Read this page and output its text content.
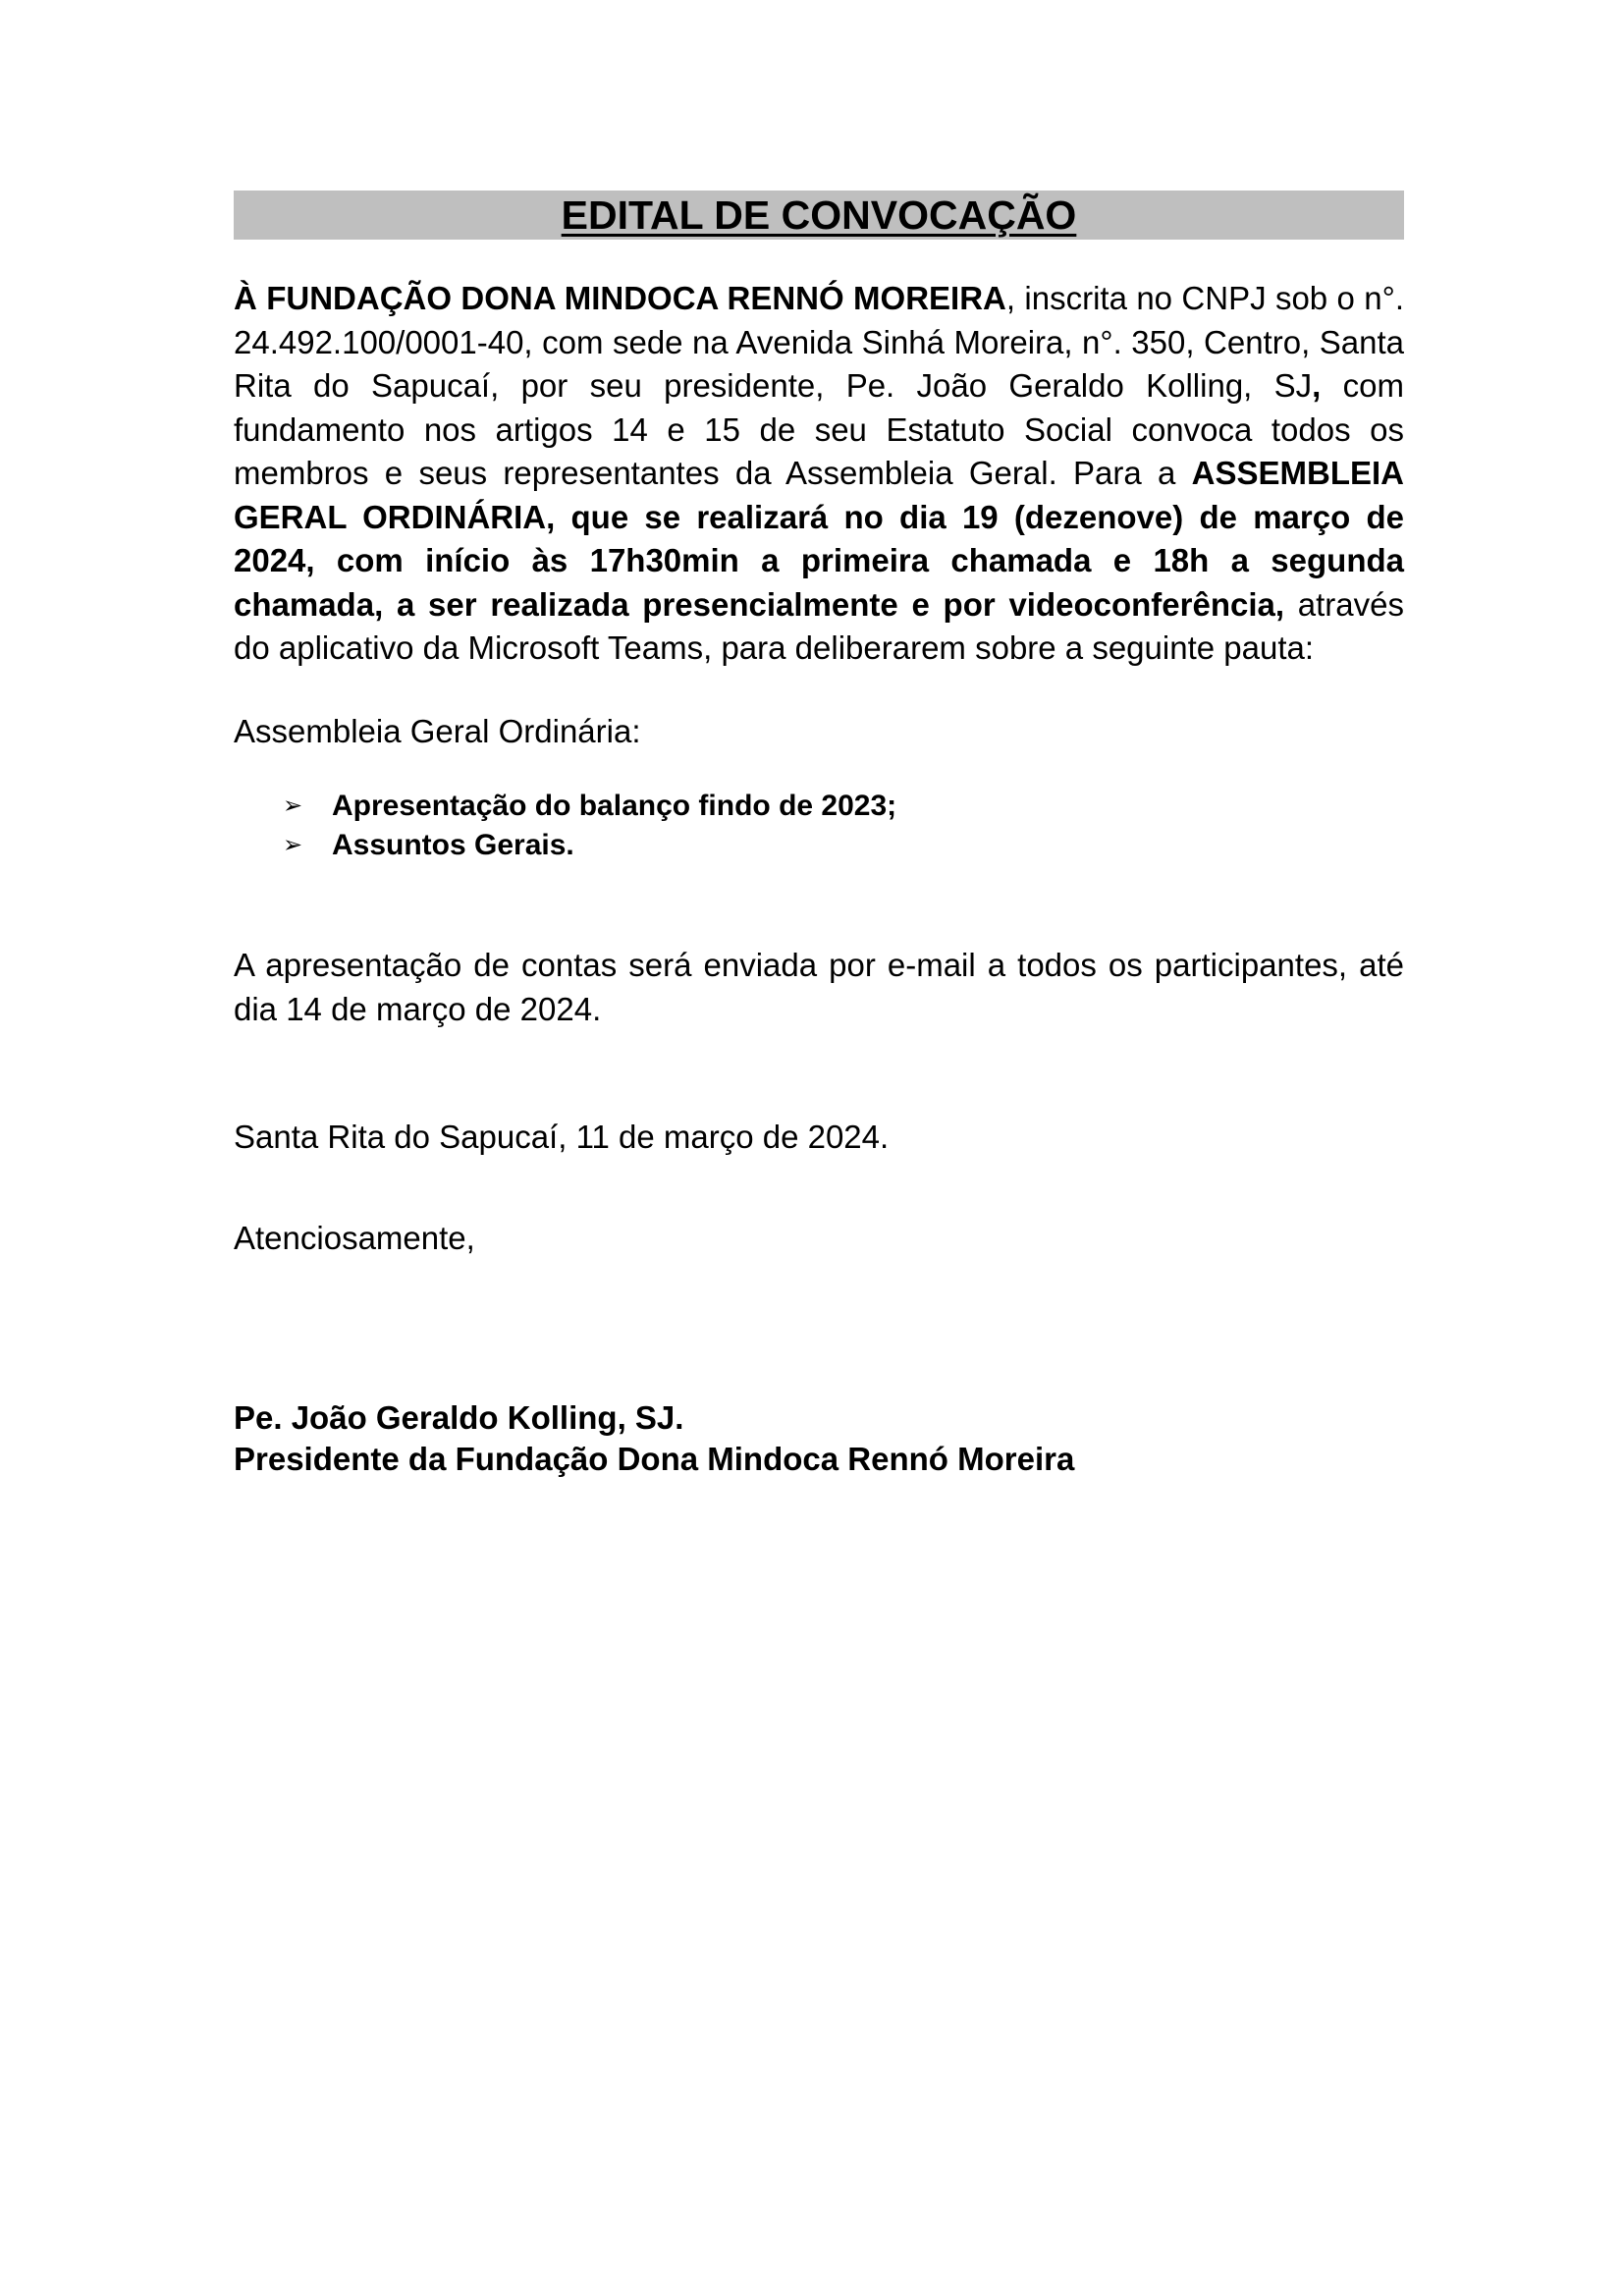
EDITAL DE CONVOCAÇÃO

À FUNDAÇÃO DONA MINDOCA RENNÓ MOREIRA, inscrita no CNPJ sob o n°. 24.492.100/0001-40, com sede na Avenida Sinhá Moreira, n°. 350, Centro, Santa Rita do Sapucaí, por seu presidente, Pe. João Geraldo Kolling, SJ, com fundamento nos artigos 14 e 15 de seu Estatuto Social convoca todos os membros e seus representantes da Assembleia Geral. Para a ASSEMBLEIA GERAL ORDINÁRIA, que se realizará no dia 19 (dezenove) de março de 2024, com início às 17h30min a primeira chamada e 18h a segunda chamada, a ser realizada presencialmente e por videoconferência, através do aplicativo da Microsoft Teams, para deliberarem sobre a seguinte pauta:

Assembleia Geral Ordinária:

➢ Apresentação do balanço findo de 2023;
➢ Assuntos Gerais.

A apresentação de contas será enviada por e-mail a todos os participantes, até dia 14 de março de 2024.

Santa Rita do Sapucaí, 11 de março de 2024.

Atenciosamente,

Pe. João Geraldo Kolling, SJ.
Presidente da Fundação Dona Mindoca Rennó Moreira
